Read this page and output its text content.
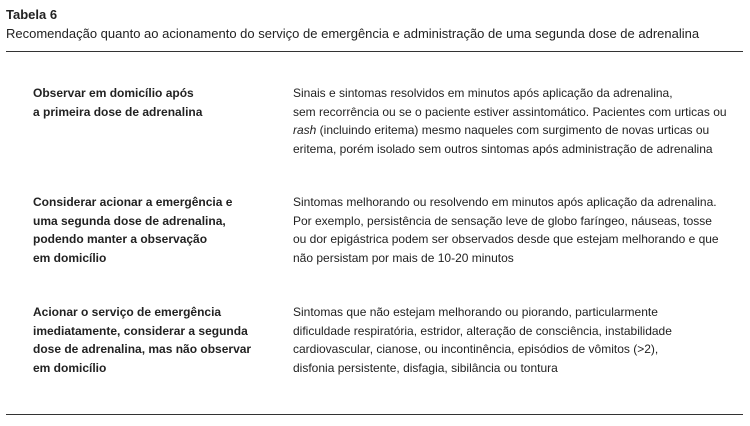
Tabela 6
Recomendação quanto ao acionamento do serviço de emergência e administração de uma segunda dose de adrenalina
Observar em domicílio após
a primeira dose de adrenalina
Sinais e sintomas resolvidos em minutos após aplicação da adrenalina,
sem recorrência ou se o paciente estiver assintomático. Pacientes com urticas ou
rash (incluindo eritema) mesmo naqueles com surgimento de novas urticas ou
eritema, porém isolado sem outros sintomas após administração de adrenalina
Considerar acionar a emergência e
uma segunda dose de adrenalina,
podendo manter a observação
em domicílio
Sintomas melhorando ou resolvendo em minutos após aplicação da adrenalina.
Por exemplo, persistência de sensação leve de globo faríngeo, náuseas, tosse
ou dor epigástrica podem ser observados desde que estejam melhorando e que
não persistam por mais de 10-20 minutos
Acionar o serviço de emergência
imediatamente, considerar a segunda
dose de adrenalina, mas não observar
em domicílio
Sintomas que não estejam melhorando ou piorando, particularmente
dificuldade respiratória, estridor, alteração de consciência, instabilidade
cardiovascular, cianose, ou incontinência, episódios de vômitos (>2),
disfonia persistente, disfagia, sibilância ou tontura
